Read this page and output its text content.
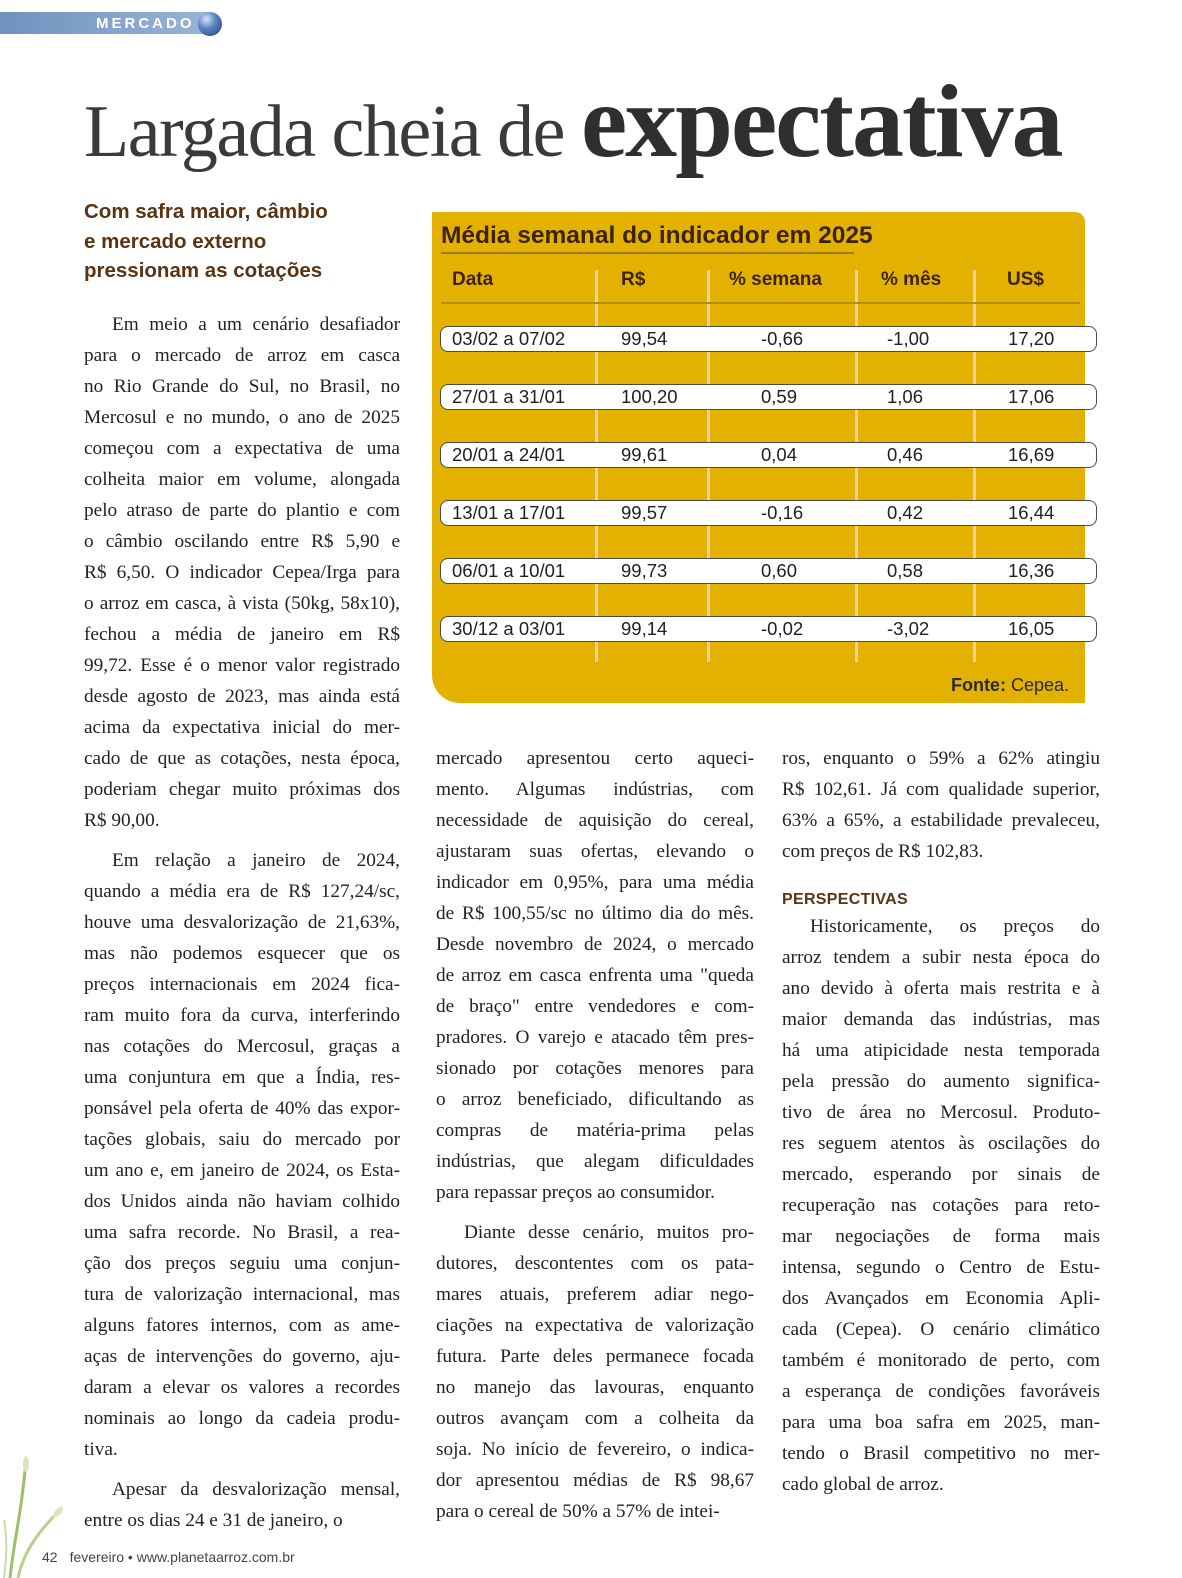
MERCADO
Largada cheia de expectativa
Com safra maior, câmbio
e mercado externo
pressionam as cotações
Em meio a um cenário desafiador
para o mercado de arroz em casca
no Rio Grande do Sul, no Brasil, no
Mercosul e no mundo, o ano de 2025
começou com a expectativa de uma
colheita maior em volume, alongada
pelo atraso de parte do plantio e com
o câmbio oscilando entre R$ 5,90 e
R$ 6,50. O indicador Cepea/Irga para
o arroz em casca, à vista (50kg, 58x10),
fechou a média de janeiro em R$
99,72. Esse é o menor valor registrado
desde agosto de 2023, mas ainda está
acima da expectativa inicial do mer-
cado de que as cotações, nesta época,
poderiam chegar muito próximas dos
R$ 90,00.
Em relação a janeiro de 2024,
quando a média era de R$ 127,24/sc,
houve uma desvalorização de 21,63%,
mas não podemos esquecer que os
preços internacionais em 2024 fica-
ram muito fora da curva, interferindo
nas cotações do Mercosul, graças a
uma conjuntura em que a Índia, res-
ponsável pela oferta de 40% das expor-
tações globais, saiu do mercado por
um ano e, em janeiro de 2024, os Esta-
dos Unidos ainda não haviam colhido
uma safra recorde. No Brasil, a rea-
ção dos preços seguiu uma conjun-
tura de valorização internacional, mas
alguns fatores internos, com as ame-
aças de intervenções do governo, aju-
daram a elevar os valores a recordes
nominais ao longo da cadeia produ-
tiva.
Apesar da desvalorização mensal,
entre os dias 24 e 31 de janeiro, o
Média semanal do indicador em 2025
Data	R$	% semana	% mês	US$
03/02 a 07/02	99,54	-0,66	-1,00	17,20
27/01 a 31/01	100,20	0,59	1,06	17,06
20/01 a 24/01	99,61	0,04	0,46	16,69
13/01 a 17/01	99,57	-0,16	0,42	16,44
06/01 a 10/01	99,73	0,60	0,58	16,36
30/12 a 03/01	99,14	-0,02	-3,02	16,05
Fonte: Cepea.
mercado apresentou certo aqueci-
mento. Algumas indústrias, com
necessidade de aquisição do cereal,
ajustaram suas ofertas, elevando o
indicador em 0,95%, para uma média
de R$ 100,55/sc no último dia do mês.
Desde novembro de 2024, o mercado
de arroz em casca enfrenta uma "queda
de braço" entre vendedores e com-
pradores. O varejo e atacado têm pres-
sionado por cotações menores para
o arroz beneficiado, dificultando as
compras de matéria-prima pelas
indústrias, que alegam dificuldades
para repassar preços ao consumidor.
Diante desse cenário, muitos pro-
dutores, descontentes com os pata-
mares atuais, preferem adiar nego-
ciações na expectativa de valorização
futura. Parte deles permanece focada
no manejo das lavouras, enquanto
outros avançam com a colheita da
soja. No início de fevereiro, o indica-
dor apresentou médias de R$ 98,67
para o cereal de 50% a 57% de intei-
ros, enquanto o 59% a 62% atingiu
R$ 102,61. Já com qualidade superior,
63% a 65%, a estabilidade prevaleceu,
com preços de R$ 102,83.
PERSPECTIVAS
Historicamente, os preços do
arroz tendem a subir nesta época do
ano devido à oferta mais restrita e à
maior demanda das indústrias, mas
há uma atipicidade nesta temporada
pela pressão do aumento significa-
tivo de área no Mercosul. Produto-
res seguem atentos às oscilações do
mercado, esperando por sinais de
recuperação nas cotações para reto-
mar negociações de forma mais
intensa, segundo o Centro de Estu-
dos Avançados em Economia Apli-
cada (Cepea). O cenário climático
também é monitorado de perto, com
a esperança de condições favoráveis
para uma boa safra em 2025, man-
tendo o Brasil competitivo no mer-
cado global de arroz.
42 fevereiro • www.planetaarroz.com.br
